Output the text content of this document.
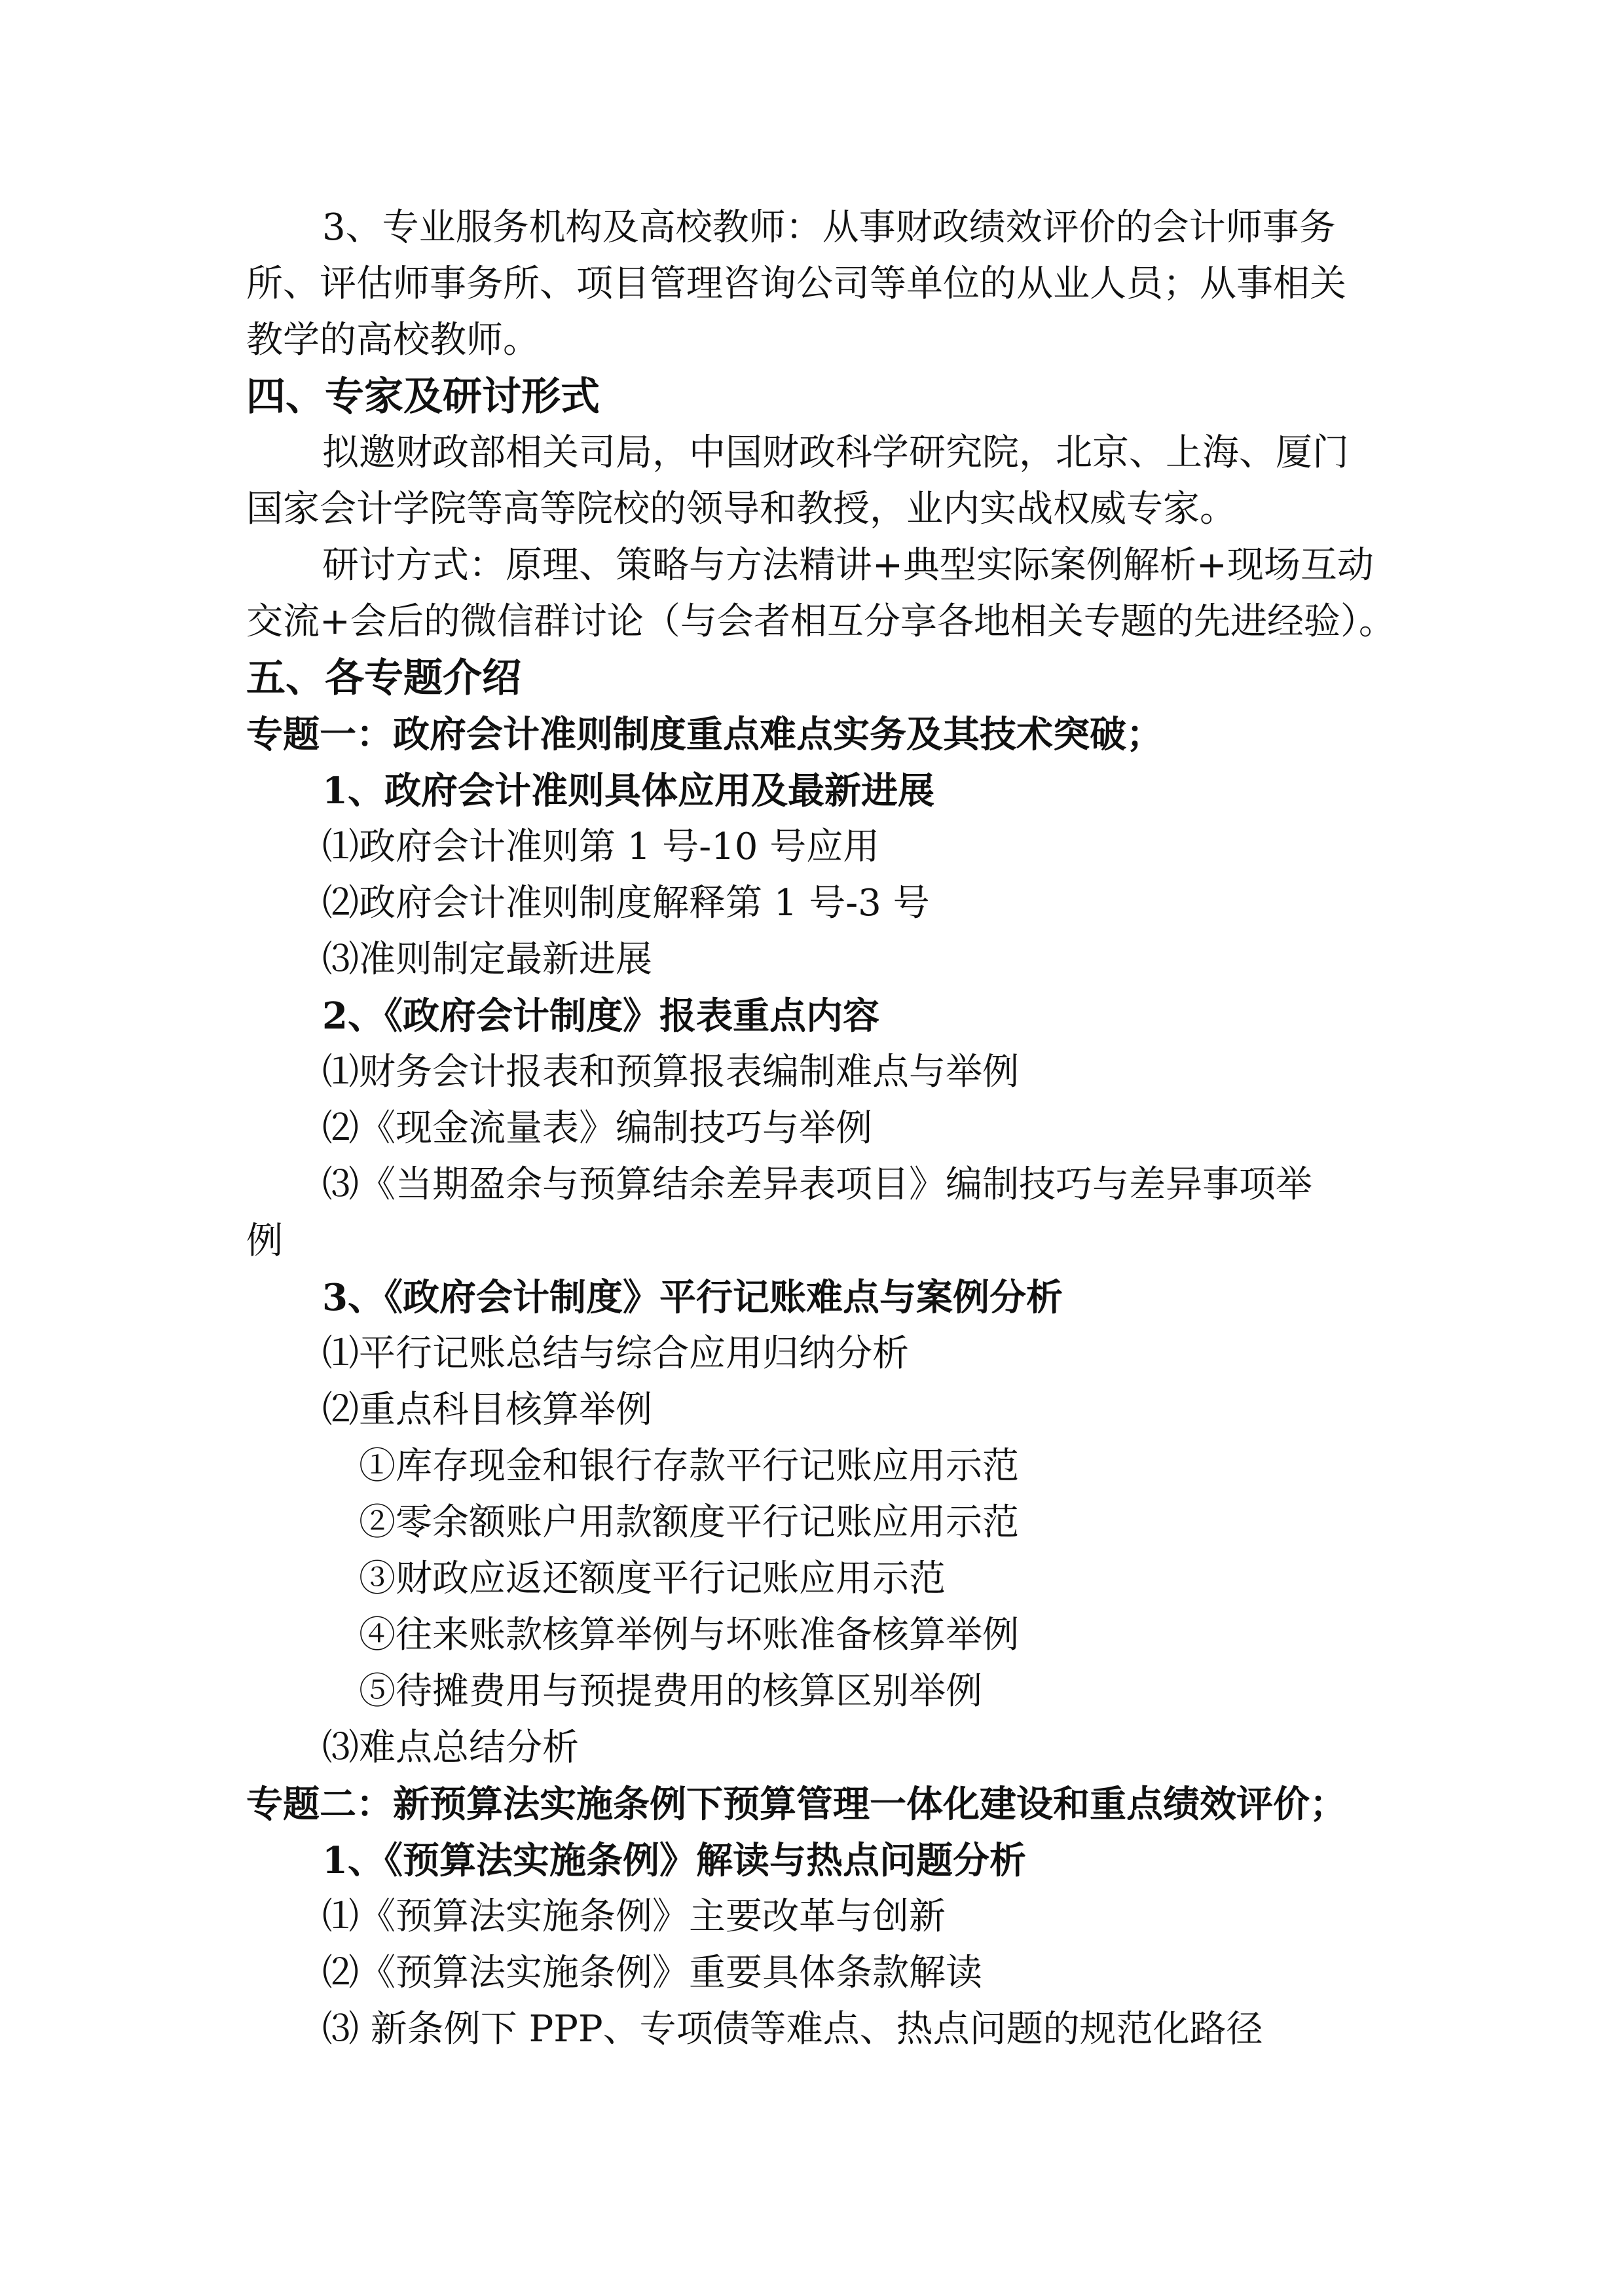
3、专业服务机构及高校教师：从事财政绩效评价的会计师事务
所、评估师事务所、项目管理咨询公司等单位的从业人员；从事相关
教学的高校教师。
四、专家及研讨形式
拟邀财政部相关司局，中国财政科学研究院，北京、上海、厦门
国家会计学院等高等院校的领导和教授，业内实战权威专家。
研讨方式：原理、策略与方法精讲+典型实际案例解析+现场互动
交流+会后的微信群讨论（与会者相互分享各地相关专题的先进经验）。
五、各专题介绍
专题一：政府会计准则制度重点难点实务及其技术突破；
1、政府会计准则具体应用及最新进展
⑴政府会计准则第 1 号-10 号应用
⑵政府会计准则制度解释第 1 号-3 号
⑶准则制定最新进展
2、《政府会计制度》报表重点内容
⑴财务会计报表和预算报表编制难点与举例
⑵《现金流量表》编制技巧与举例
⑶《当期盈余与预算结余差异表项目》编制技巧与差异事项举
例
3、《政府会计制度》平行记账难点与案例分析
⑴平行记账总结与综合应用归纳分析
⑵重点科目核算举例
①库存现金和银行存款平行记账应用示范
②零余额账户用款额度平行记账应用示范
③财政应返还额度平行记账应用示范
④往来账款核算举例与坏账准备核算举例
⑤待摊费用与预提费用的核算区别举例
⑶难点总结分析
专题二：新预算法实施条例下预算管理一体化建设和重点绩效评价；
1、《预算法实施条例》解读与热点问题分析
⑴《预算法实施条例》主要改革与创新
⑵《预算法实施条例》重要具体条款解读
⑶ 新条例下 PPP、专项债等难点、热点问题的规范化路径
